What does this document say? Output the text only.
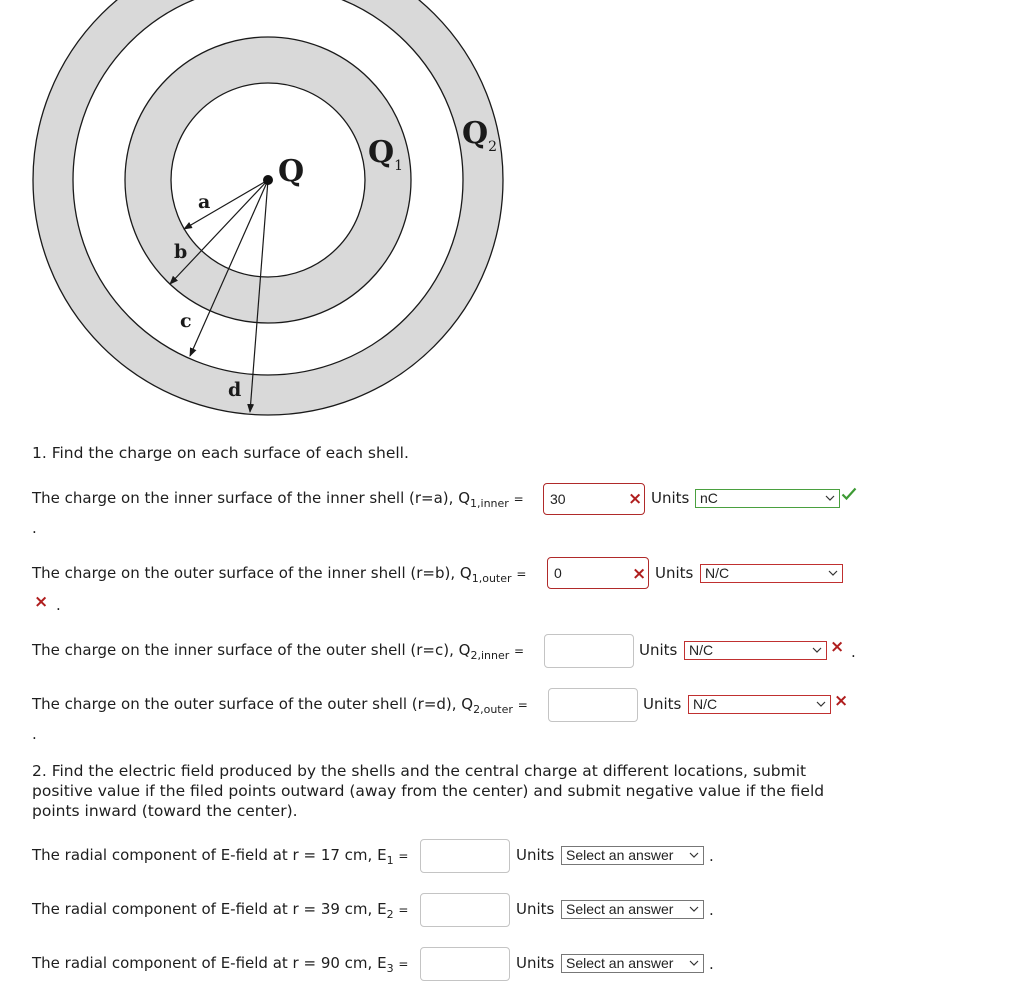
Q
$Q_1$
$Q_2$
a
b
c
d
1. Find the charge on each surface of each shell.
The charge on the inner surface of the inner shell (r=a), $Q_{1,inner}$ =	30	× Units nC
.
The charge on the outer surface of the inner shell (r=b), $Q_{1,outer}$ =	0	× Units N/C
× .
The charge on the inner surface of the outer shell (r=c), $Q_{2,inner}$ =	Units N/C	× .
The charge on the outer surface of the outer shell (r=d), $Q_{2,outer}$ =	Units N/C	×
.
2. Find the electric field produced by the shells and the central charge at different locations, submit positive value if the filed points outward (away from the center) and submit negative value if the field points inward (toward the center).
The radial component of E-field at r = 17 cm, $E_1$ =	Units Select an answer	.
The radial component of E-field at r = 39 cm, $E_2$ =	Units Select an answer	.
The radial component of E-field at r = 90 cm, $E_3$ =	Units Select an answer	.
